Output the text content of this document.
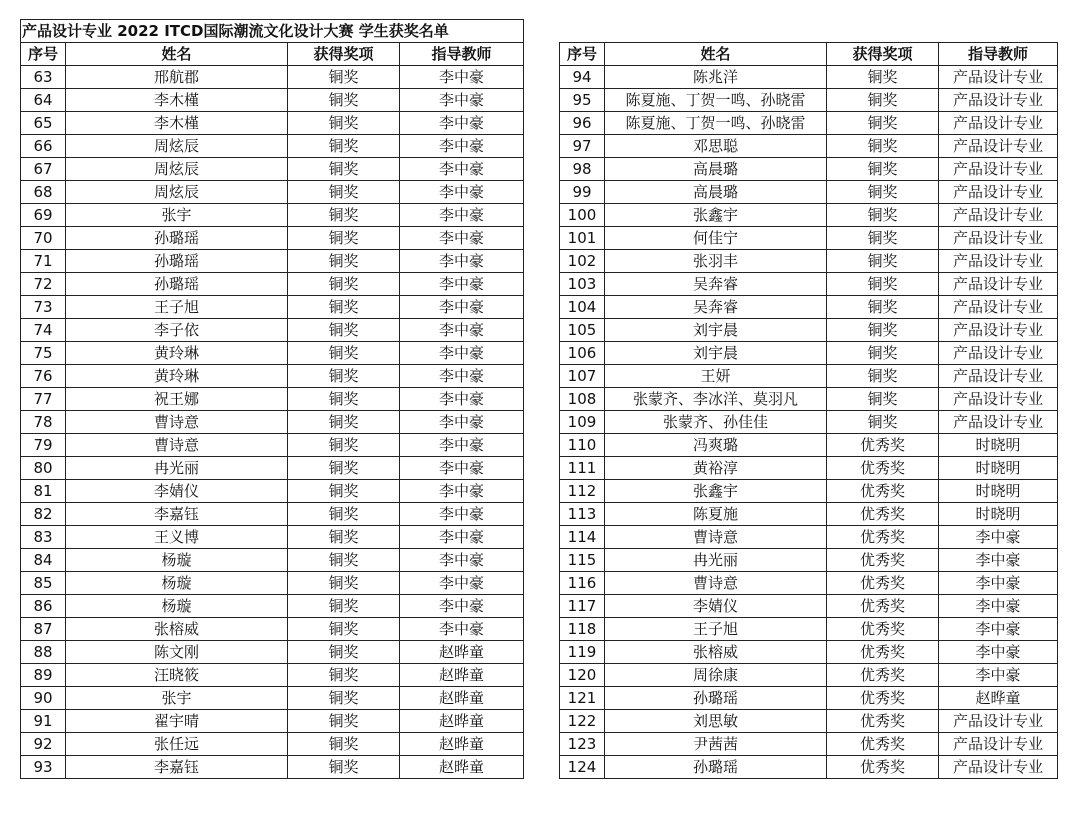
产品设计专业 2022 ITCD国际潮流文化设计大赛 学生获奖名单			
序号	姓名	获得奖项	指导教师
63	邢航郡	铜奖	李中豪
64	李木槿	铜奖	李中豪
65	李木槿	铜奖	李中豪
66	周炫辰	铜奖	李中豪
67	周炫辰	铜奖	李中豪
68	周炫辰	铜奖	李中豪
69	张宇	铜奖	李中豪
70	孙璐瑶	铜奖	李中豪
71	孙璐瑶	铜奖	李中豪
72	孙璐瑶	铜奖	李中豪
73	王子旭	铜奖	李中豪
74	李子依	铜奖	李中豪
75	黄玲琳	铜奖	李中豪
76	黄玲琳	铜奖	李中豪
77	祝王娜	铜奖	李中豪
78	曹诗意	铜奖	李中豪
79	曹诗意	铜奖	李中豪
80	冉光丽	铜奖	李中豪
81	李婧仪	铜奖	李中豪
82	李嘉钰	铜奖	李中豪
83	王义博	铜奖	李中豪
84	杨璇	铜奖	李中豪
85	杨璇	铜奖	李中豪
86	杨璇	铜奖	李中豪
87	张榕威	铜奖	李中豪
88	陈文刚	铜奖	赵晔童
89	汪晓筱	铜奖	赵晔童
90	张宇	铜奖	赵晔童
91	翟宇晴	铜奖	赵晔童
92	张任远	铜奖	赵晔童
93	李嘉钰	铜奖	赵晔童
序号	姓名	获得奖项	指导教师
94	陈兆洋	铜奖	产品设计专业
95	陈夏施、丁贺一鸣、孙晓雷	铜奖	产品设计专业
96	陈夏施、丁贺一鸣、孙晓雷	铜奖	产品设计专业
97	邓思聪	铜奖	产品设计专业
98	高晨璐	铜奖	产品设计专业
99	高晨璐	铜奖	产品设计专业
100	张鑫宇	铜奖	产品设计专业
101	何佳宁	铜奖	产品设计专业
102	张羽丰	铜奖	产品设计专业
103	吴奔睿	铜奖	产品设计专业
104	吴奔睿	铜奖	产品设计专业
105	刘宇晨	铜奖	产品设计专业
106	刘宇晨	铜奖	产品设计专业
107	王妍	铜奖	产品设计专业
108	张蒙齐、李冰洋、莫羽凡	铜奖	产品设计专业
109	张蒙齐、孙佳佳	铜奖	产品设计专业
110	冯爽璐	优秀奖	时晓明
111	黄裕淳	优秀奖	时晓明
112	张鑫宇	优秀奖	时晓明
113	陈夏施	优秀奖	时晓明
114	曹诗意	优秀奖	李中豪
115	冉光丽	优秀奖	李中豪
116	曹诗意	优秀奖	李中豪
117	李婧仪	优秀奖	李中豪
118	王子旭	优秀奖	李中豪
119	张榕威	优秀奖	李中豪
120	周徐康	优秀奖	李中豪
121	孙璐瑶	优秀奖	赵晔童
122	刘思敏	优秀奖	产品设计专业
123	尹茜茜	优秀奖	产品设计专业
124	孙璐瑶	优秀奖	产品设计专业
